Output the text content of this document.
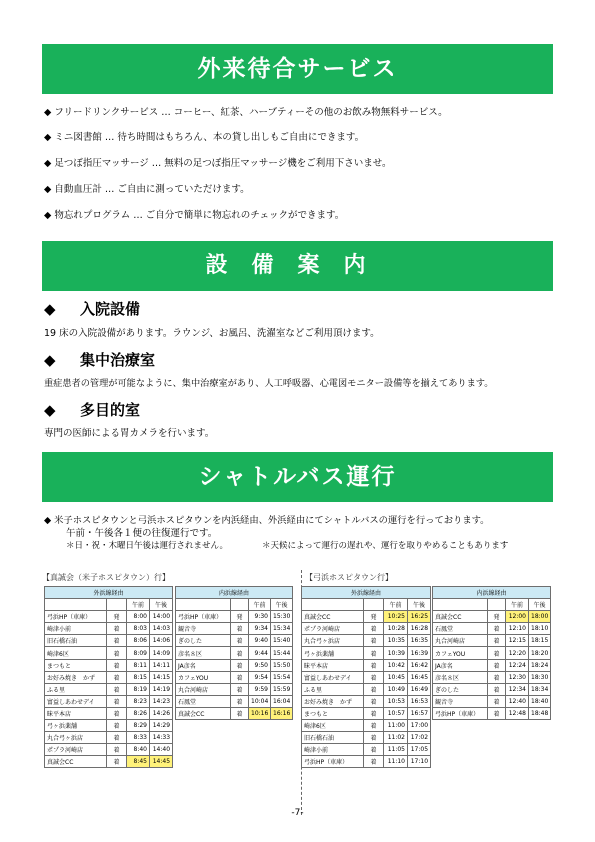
外来待合サービス
◆ フリードリンクサービス … コーヒー、紅茶、ハーブティーその他のお飲み物無料サービス。
◆ ミニ図書館 … 待ち時間はもちろん、本の貸し出しもご自由にできます。
◆ 足つぼ指圧マッサージ … 無料の足つぼ指圧マッサージ機をご利用下さいませ。
◆ 自動血圧計 … ご自由に測っていただけます。
◆ 物忘れプログラム … ご自分で簡単に物忘れのチェックができます。
設備案内
◆ 入院設備
19 床の入院設備があります。ラウンジ、お風呂、洗濯室などご利用頂けます。
◆ 集中治療室
重症患者の管理が可能なように、集中治療室があり、人工呼吸器、心電図モニター設備等を揃えてあります。
◆ 多目的室
専門の医師による胃カメラを行います。
シャトルバス運行
◆ 米子ホスピタウンと弓浜ホスピタウンを内浜経由、外浜経由にてシャトルバスの運行を行っております。
午前・午後各１便の往復運行です。
＊日・祝・木曜日午後は運行されません。	＊天候によって運行の遅れや、運行を取りやめることもあります
【真誠会（米子ホスピタウン）行】	【弓浜ホスピタウン行】
外浜線経由			
		午前	午後
弓浜HP（車庫）	発	8:00	14:00
崎津小前	着	8:03	14:03
旧石橋石油	着	8:06	14:06
崎津6区	着	8:09	14:09
まつもと	着	8:11	14:11
お好み焼き　かず	着	8:15	14:15
ふる里	着	8:19	14:19
富益しあわせデイ	着	8:23	14:23
昧平本店	着	8:26	14:26
弓ヶ浜薬舗	着	8:29	14:29
丸合弓ヶ浜店	着	8:33	14:33
ポプラ河崎店	着	8:40	14:40
真誠会CC	着	8:45	14:45
内浜線経由			
		午前	午後
弓浜HP（車庫）	発	9:30	15:30
観音寺	着	9:34	15:34
ぎのした	着	9:40	15:40
彦名８区	着	9:44	15:44
JA彦名	着	9:50	15:50
カフェYOU	着	9:54	15:54
丸合河崎店	着	9:59	15:59
石鳳堂	着	10:04	16:04
真誠会CC	着	10:16	16:16
外浜線経由			
		午前	午後
真誠会CC	発	10:25	16:25
ポプラ河崎店	着	10:28	16:28
丸合弓ヶ浜店	着	10:35	16:35
弓ヶ浜薬舗	着	10:39	16:39
昧平本店	着	10:42	16:42
富益しあわせデイ	着	10:45	16:45
ふる里	着	10:49	16:49
お好み焼き　かず	着	10:53	16:53
まつもと	着	10:57	16:57
崎津6区	着	11:00	17:00
旧石橋石油	着	11:02	17:02
崎津小前	着	11:05	17:05
弓浜HP（車庫）	着	11:10	17:10
内浜線経由			
		午前	午後
真誠会CC	発	12:00	18:00
石鳳堂	着	12:10	18:10
丸合河崎店	着	12:15	18:15
カフェYOU	着	12:20	18:20
JA彦名	着	12:24	18:24
彦名８区	着	12:30	18:30
ぎのした	着	12:34	18:34
観音寺	着	12:40	18:40
弓浜HP（車庫）	着	12:48	18:48
-7-
